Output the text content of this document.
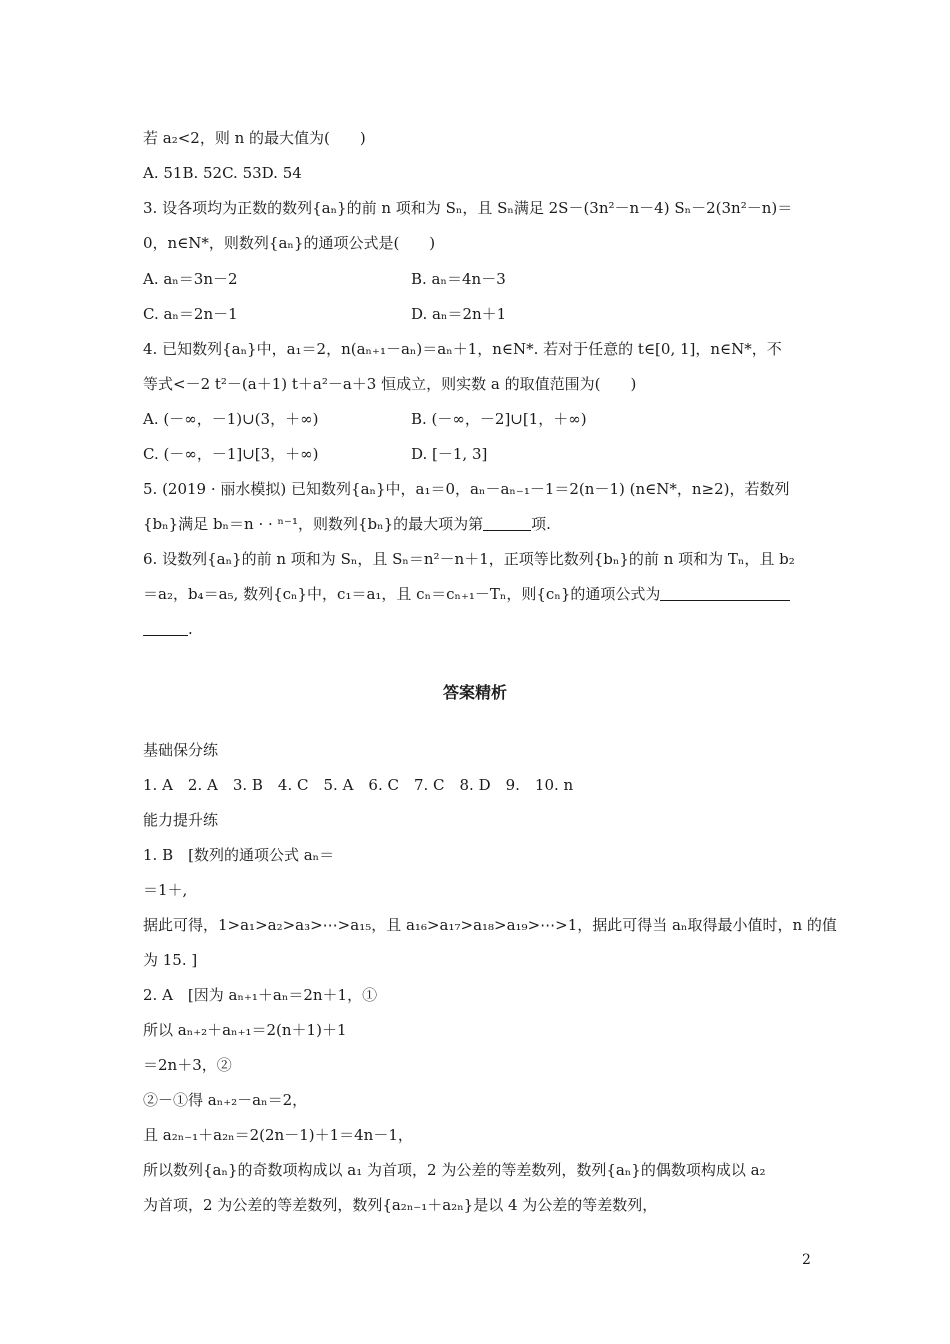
若 a₂<2，则 n 的最大值为(　　)
A. 51B. 52C. 53D. 54
3. 设各项均为正数的数列{aₙ}的前 n 项和为 Sₙ，且 Sₙ满足 2S－(3n²－n－4) Sₙ－2(3n²－n)＝
0，n∈N*，则数列{aₙ}的通项公式是(　　)
A. aₙ＝3n－2	B. aₙ＝4n－3
C. aₙ＝2n－1	D. aₙ＝2n＋1
4. 已知数列{aₙ}中，a₁＝2，n(aₙ₊₁－aₙ)＝aₙ＋1，n∈N*. 若对于任意的 t∈[0, 1]，n∈N*，不
等式<－2 t²－(a＋1) t＋a²－a＋3 恒成立，则实数 a 的取值范围为(　　)
A. (－∞，－1)∪(3，＋∞)	B. (－∞，－2]∪[1，＋∞)
C. (－∞，－1]∪[3，＋∞)	D. [－1, 3]
5. (2019 · 丽水模拟) 已知数列{aₙ}中，a₁＝0，aₙ－aₙ₋₁－1＝2(n－1) (n∈N*，n≥2)，若数列
{bₙ}满足 bₙ＝n · · ⁿ⁻¹，则数列{bₙ}的最大项为第	项.
6. 设数列{aₙ}的前 n 项和为 Sₙ，且 Sₙ＝n²－n＋1，正项等比数列{bₙ}的前 n 项和为 Tₙ，且 b₂
＝a₂，b₄＝a₅, 数列{cₙ}中，c₁＝a₁，且 cₙ＝cₙ₊₁－Tₙ，则{cₙ}的通项公式为
.
答案精析
基础保分练
1. A　2. A　3. B　4. C　5. A　6. C　7. C　8. D　9.　10. n
能力提升练
1. B　[数列的通项公式 aₙ＝
＝1＋,
据此可得，1>a₁>a₂>a₃>⋯>a₁₅，且 a₁₆>a₁₇>a₁₈>a₁₉>⋯>1，据此可得当 aₙ取得最小值时，n 的值
为 15. ]
2. A　[因为 aₙ₊₁＋aₙ＝2n＋1，①
所以 aₙ₊₂＋aₙ₊₁＝2(n＋1)＋1
＝2n＋3，②
②－①得 aₙ₊₂－aₙ＝2，
且 a₂ₙ₋₁＋a₂ₙ＝2(2n－1)＋1＝4n－1，
所以数列{aₙ}的奇数项构成以 a₁ 为首项，2 为公差的等差数列，数列{aₙ}的偶数项构成以 a₂
为首项，2 为公差的等差数列，数列{a₂ₙ₋₁＋a₂ₙ}是以 4 为公差的等差数列，
2
